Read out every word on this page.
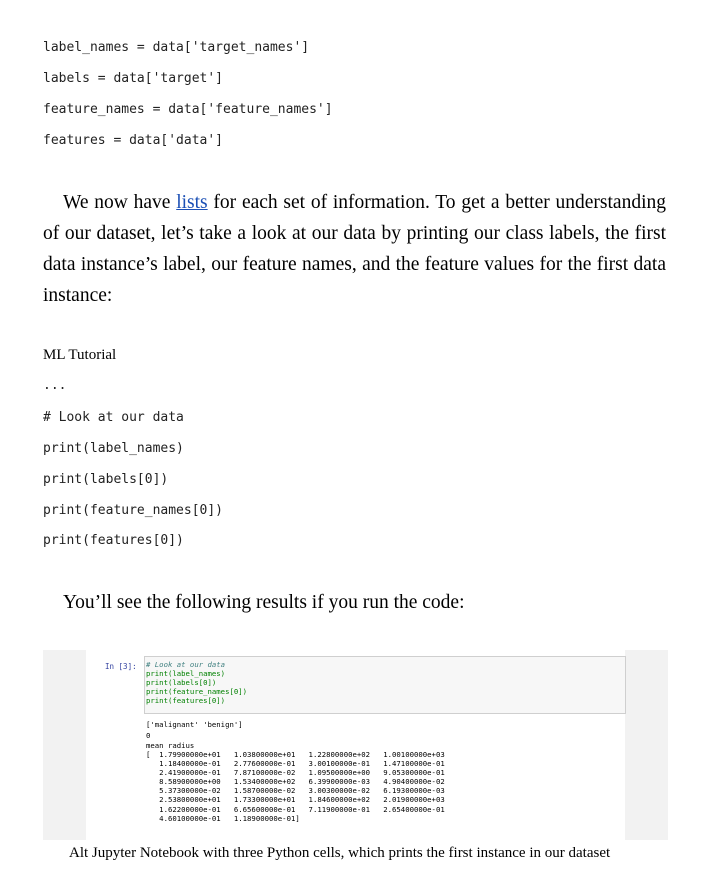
label_names = data['target_names']
labels = data['target']
feature_names = data['feature_names']
features = data['data']

We now have lists for each set of information. To get a better understanding of our dataset, let’s take a look at our data by printing our class labels, the first data instance’s label, our feature names, and the feature values for the first data instance:

ML Tutorial
...
# Look at our data
print(label_names)
print(labels[0])
print(feature_names[0])
print(features[0])

You’ll see the following results if you run the code:

In [3]: # Look at our data
print(label_names)
print(labels[0])
print(feature_names[0])
print(features[0])
['malignant' 'benign']
0
mean radius
[  1.79900000e+01   1.03800000e+01   1.22800000e+02   1.00100000e+03
1.18400000e-01   2.77600000e-01   3.00100000e-01   1.47100000e-01
2.41900000e-01   7.87100000e-02   1.09500000e+00   9.05300000e-01
8.58900000e+00   1.53400000e+02   6.39900000e-03   4.90400000e-02
5.37300000e-02   1.58700000e-02   3.00300000e-02   6.19300000e-03
2.53800000e+01   1.73300000e+01   1.84600000e+02   2.01900000e+03
1.62200000e-01   6.65600000e-01   7.11900000e-01   2.65400000e-01
4.60100000e-01   1.18900000e-01]
Alt Jupyter Notebook with three Python cells, which prints the first instance in our dataset
